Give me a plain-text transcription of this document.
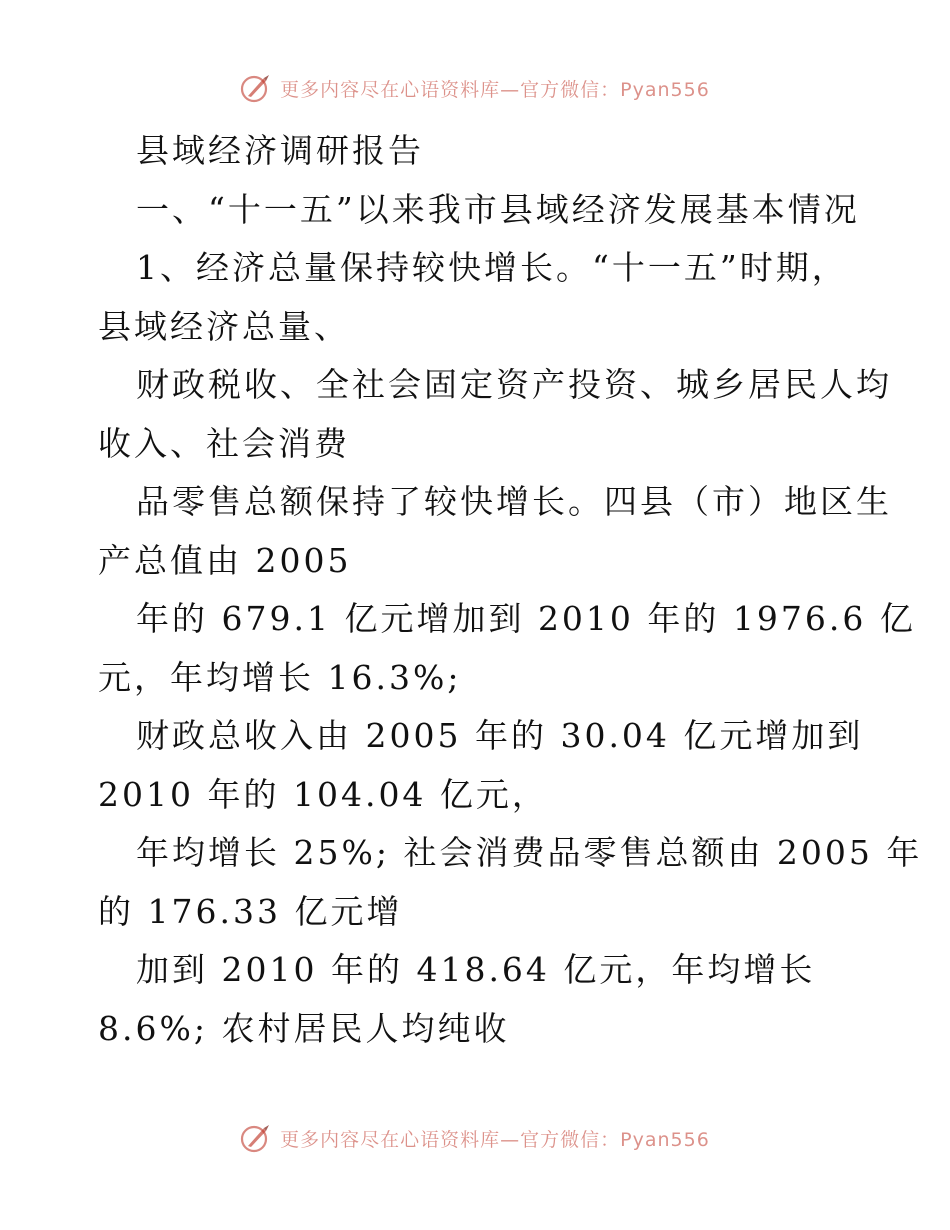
更多内容尽在心语资料库—官方微信：Pyan556
县域经济调研报告
一、“十一五”以来我市县域经济发展基本情况
1、经济总量保持较快增长。“十一五”时期，
县域经济总量、
财政税收、全社会固定资产投资、城乡居民人均
收入、社会消费
品零售总额保持了较快增长。四县（市）地区生
产总值由 2005
年的 679.1 亿元增加到 2010 年的 1976.6 亿
元，年均增长 16.3%;
财政总收入由 2005 年的 30.04 亿元增加到
2010 年的 104.04 亿元，
年均增长 25%; 社会消费品零售总额由 2005 年
的 176.33 亿元增
加到 2010 年的 418.64 亿元，年均增长
8.6%; 农村居民人均纯收
更多内容尽在心语资料库—官方微信：Pyan556
